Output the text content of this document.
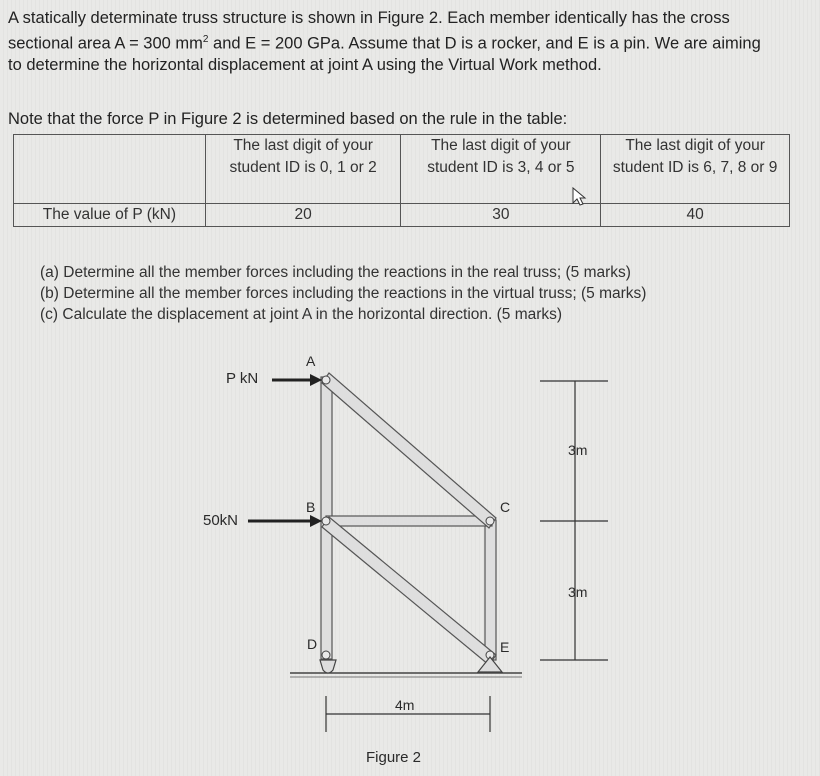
A statically determinate truss structure is shown in Figure 2. Each member identically has the cross
sectional area A = 300 $mm^2$ and E = 200 GPa. Assume that D is a rocker, and E is a pin. We are aiming
to determine the horizontal displacement at joint A using the Virtual Work method.
Note that the force P in Figure 2 is determined based on the rule in the table:
	The last digit of your student ID is 0, 1 or 2	The last digit of your student ID is 3, 4 or 5	The last digit of your student ID is 6, 7, 8 or 9
The value of P (kN)	20	30	40
(a) Determine all the member forces including the reactions in the real truss; (5 marks)
(b) Determine all the member forces including the reactions in the virtual truss; (5 marks)
(c) Calculate the displacement at joint A in the horizontal direction. (5 marks)
P kN
50kN
A
B	C
D	E
3m
3m
4m
Figure 2
